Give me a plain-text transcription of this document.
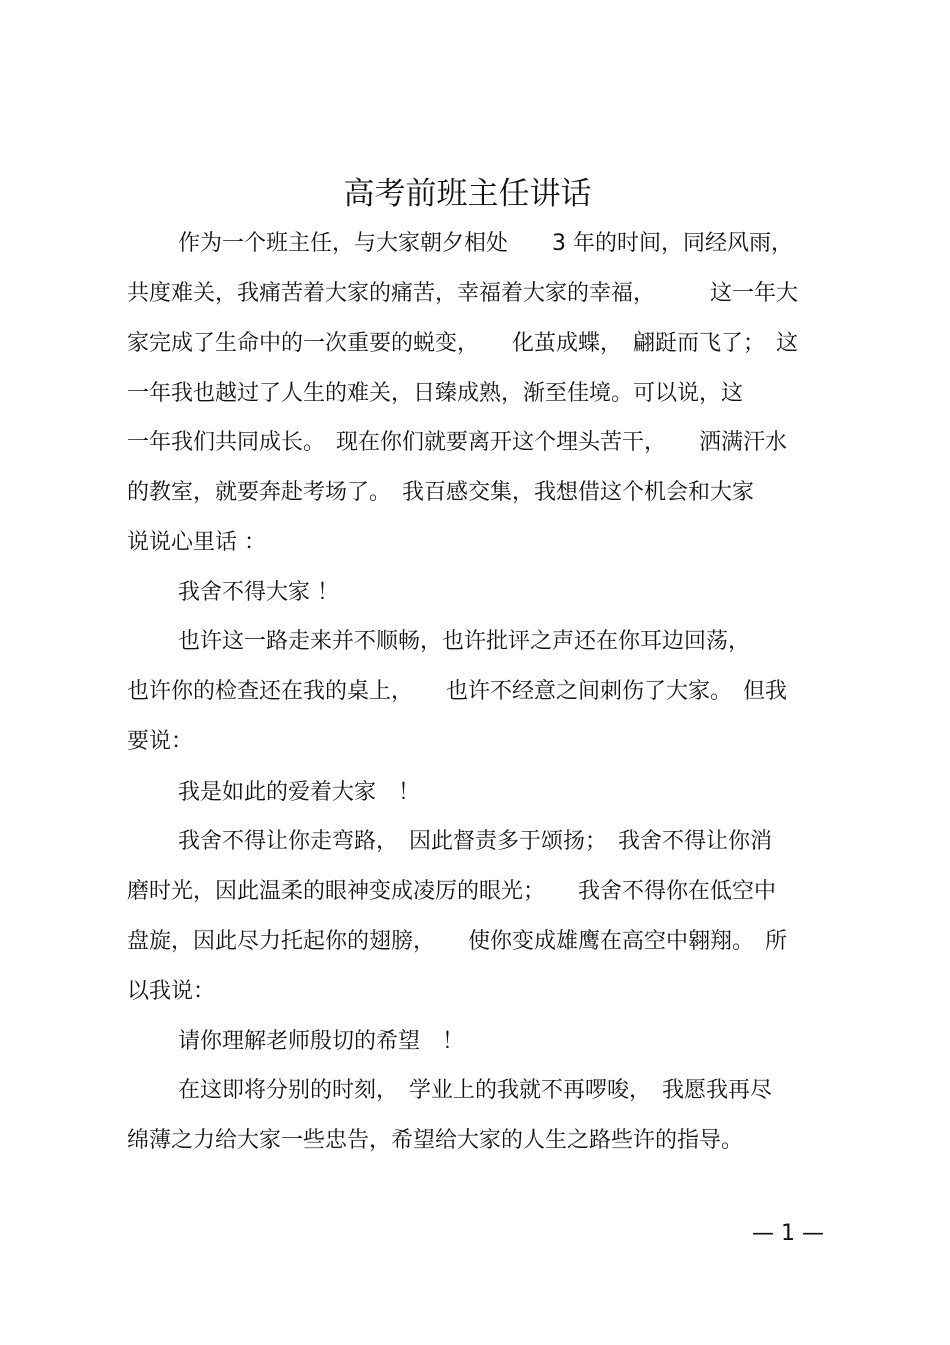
高考前班主任讲话
作为一个班主任，与大家朝夕相处　　3 年的时间，同经风雨，
共度难关，我痛苦着大家的痛苦，幸福着大家的幸福，　　　这一年大
家完成了生命中的一次重要的蜕变，　　化茧成蝶，　翩跹而飞了；　这
一年我也越过了人生的难关，日臻成熟，渐至佳境。可以说，这
一年我们共同成长。　现在你们就要离开这个埋头苦干，　　洒满汗水
的教室，就要奔赴考场了。　我百感交集，我想借这个机会和大家
说说心里话 ：
我舍不得大家 ！
也许这一路走来并不顺畅，也许批评之声还在你耳边回荡，
也许你的检查还在我的桌上，　　也许不经意之间刺伤了大家。　但我
要说：
我是如此的爱着大家　！
我舍不得让你走弯路，　因此督责多于颂扬；　我舍不得让你消
磨时光，因此温柔的眼神变成凌厉的眼光；　　我舍不得你在低空中
盘旋，因此尽力托起你的翅膀，　　使你变成雄鹰在高空中翱翔。　所
以我说：
请你理解老师殷切的希望　！
在这即将分别的时刻，　学业上的我就不再啰唆，　我愿我再尽
绵薄之力给大家一些忠告，希望给大家的人生之路些许的指导。
— 1 —
